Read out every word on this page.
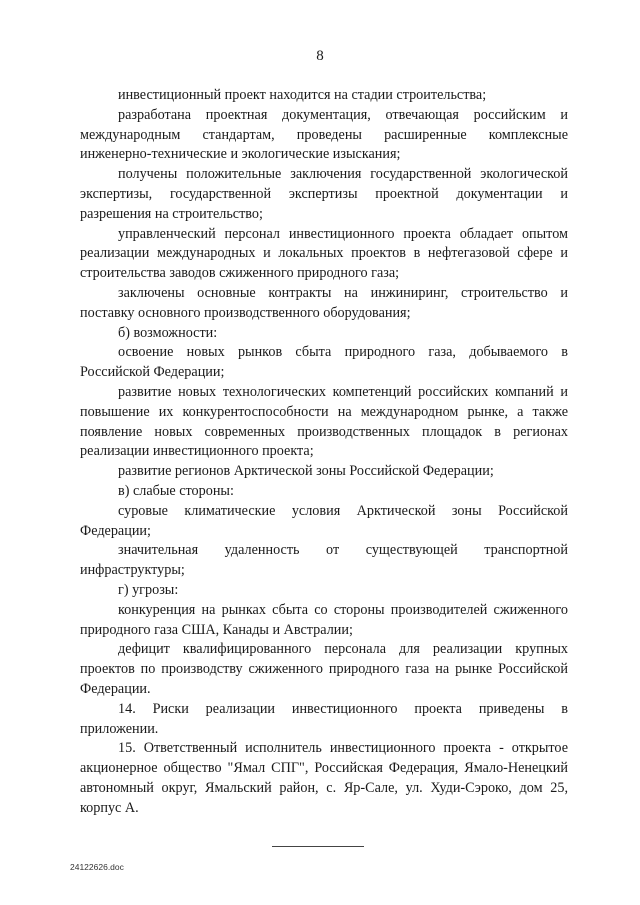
8

инвестиционный проект находится на стадии строительства;

разработана проектная документация, отвечающая российским и международным стандартам, проведены расширенные комплексные инженерно-технические и экологические изыскания;

получены положительные заключения государственной экологической экспертизы, государственной экспертизы проектной документации и разрешения на строительство;

управленческий персонал инвестиционного проекта обладает опытом реализации международных и локальных проектов в нефтегазовой сфере и строительства заводов сжиженного природного газа;

заключены основные контракты на инжиниринг, строительство и поставку основного производственного оборудования;

б) возможности:

освоение новых рынков сбыта природного газа, добываемого в Российской Федерации;

развитие новых технологических компетенций российских компаний и повышение их конкурентоспособности на международном рынке, а также появление новых современных производственных площадок в регионах реализации инвестиционного проекта;

развитие регионов Арктической зоны Российской Федерации;

в) слабые стороны:

суровые климатические условия Арктической зоны Российской Федерации;

значительная удаленность от существующей транспортной инфраструктуры;

г) угрозы:

конкуренция на рынках сбыта со стороны производителей сжиженного природного газа США, Канады и Австралии;

дефицит квалифицированного персонала для реализации крупных проектов по производству сжиженного природного газа на рынке Российской Федерации.

14. Риски реализации инвестиционного проекта приведены в приложении.

15. Ответственный исполнитель инвестиционного проекта - открытое акционерное общество "Ямал СПГ", Российская Федерация, Ямало-Ненецкий автономный округ, Ямальский район, с. Яр-Сале, ул. Худи-Сэроко, дом 25, корпус А.

24122626.doc
